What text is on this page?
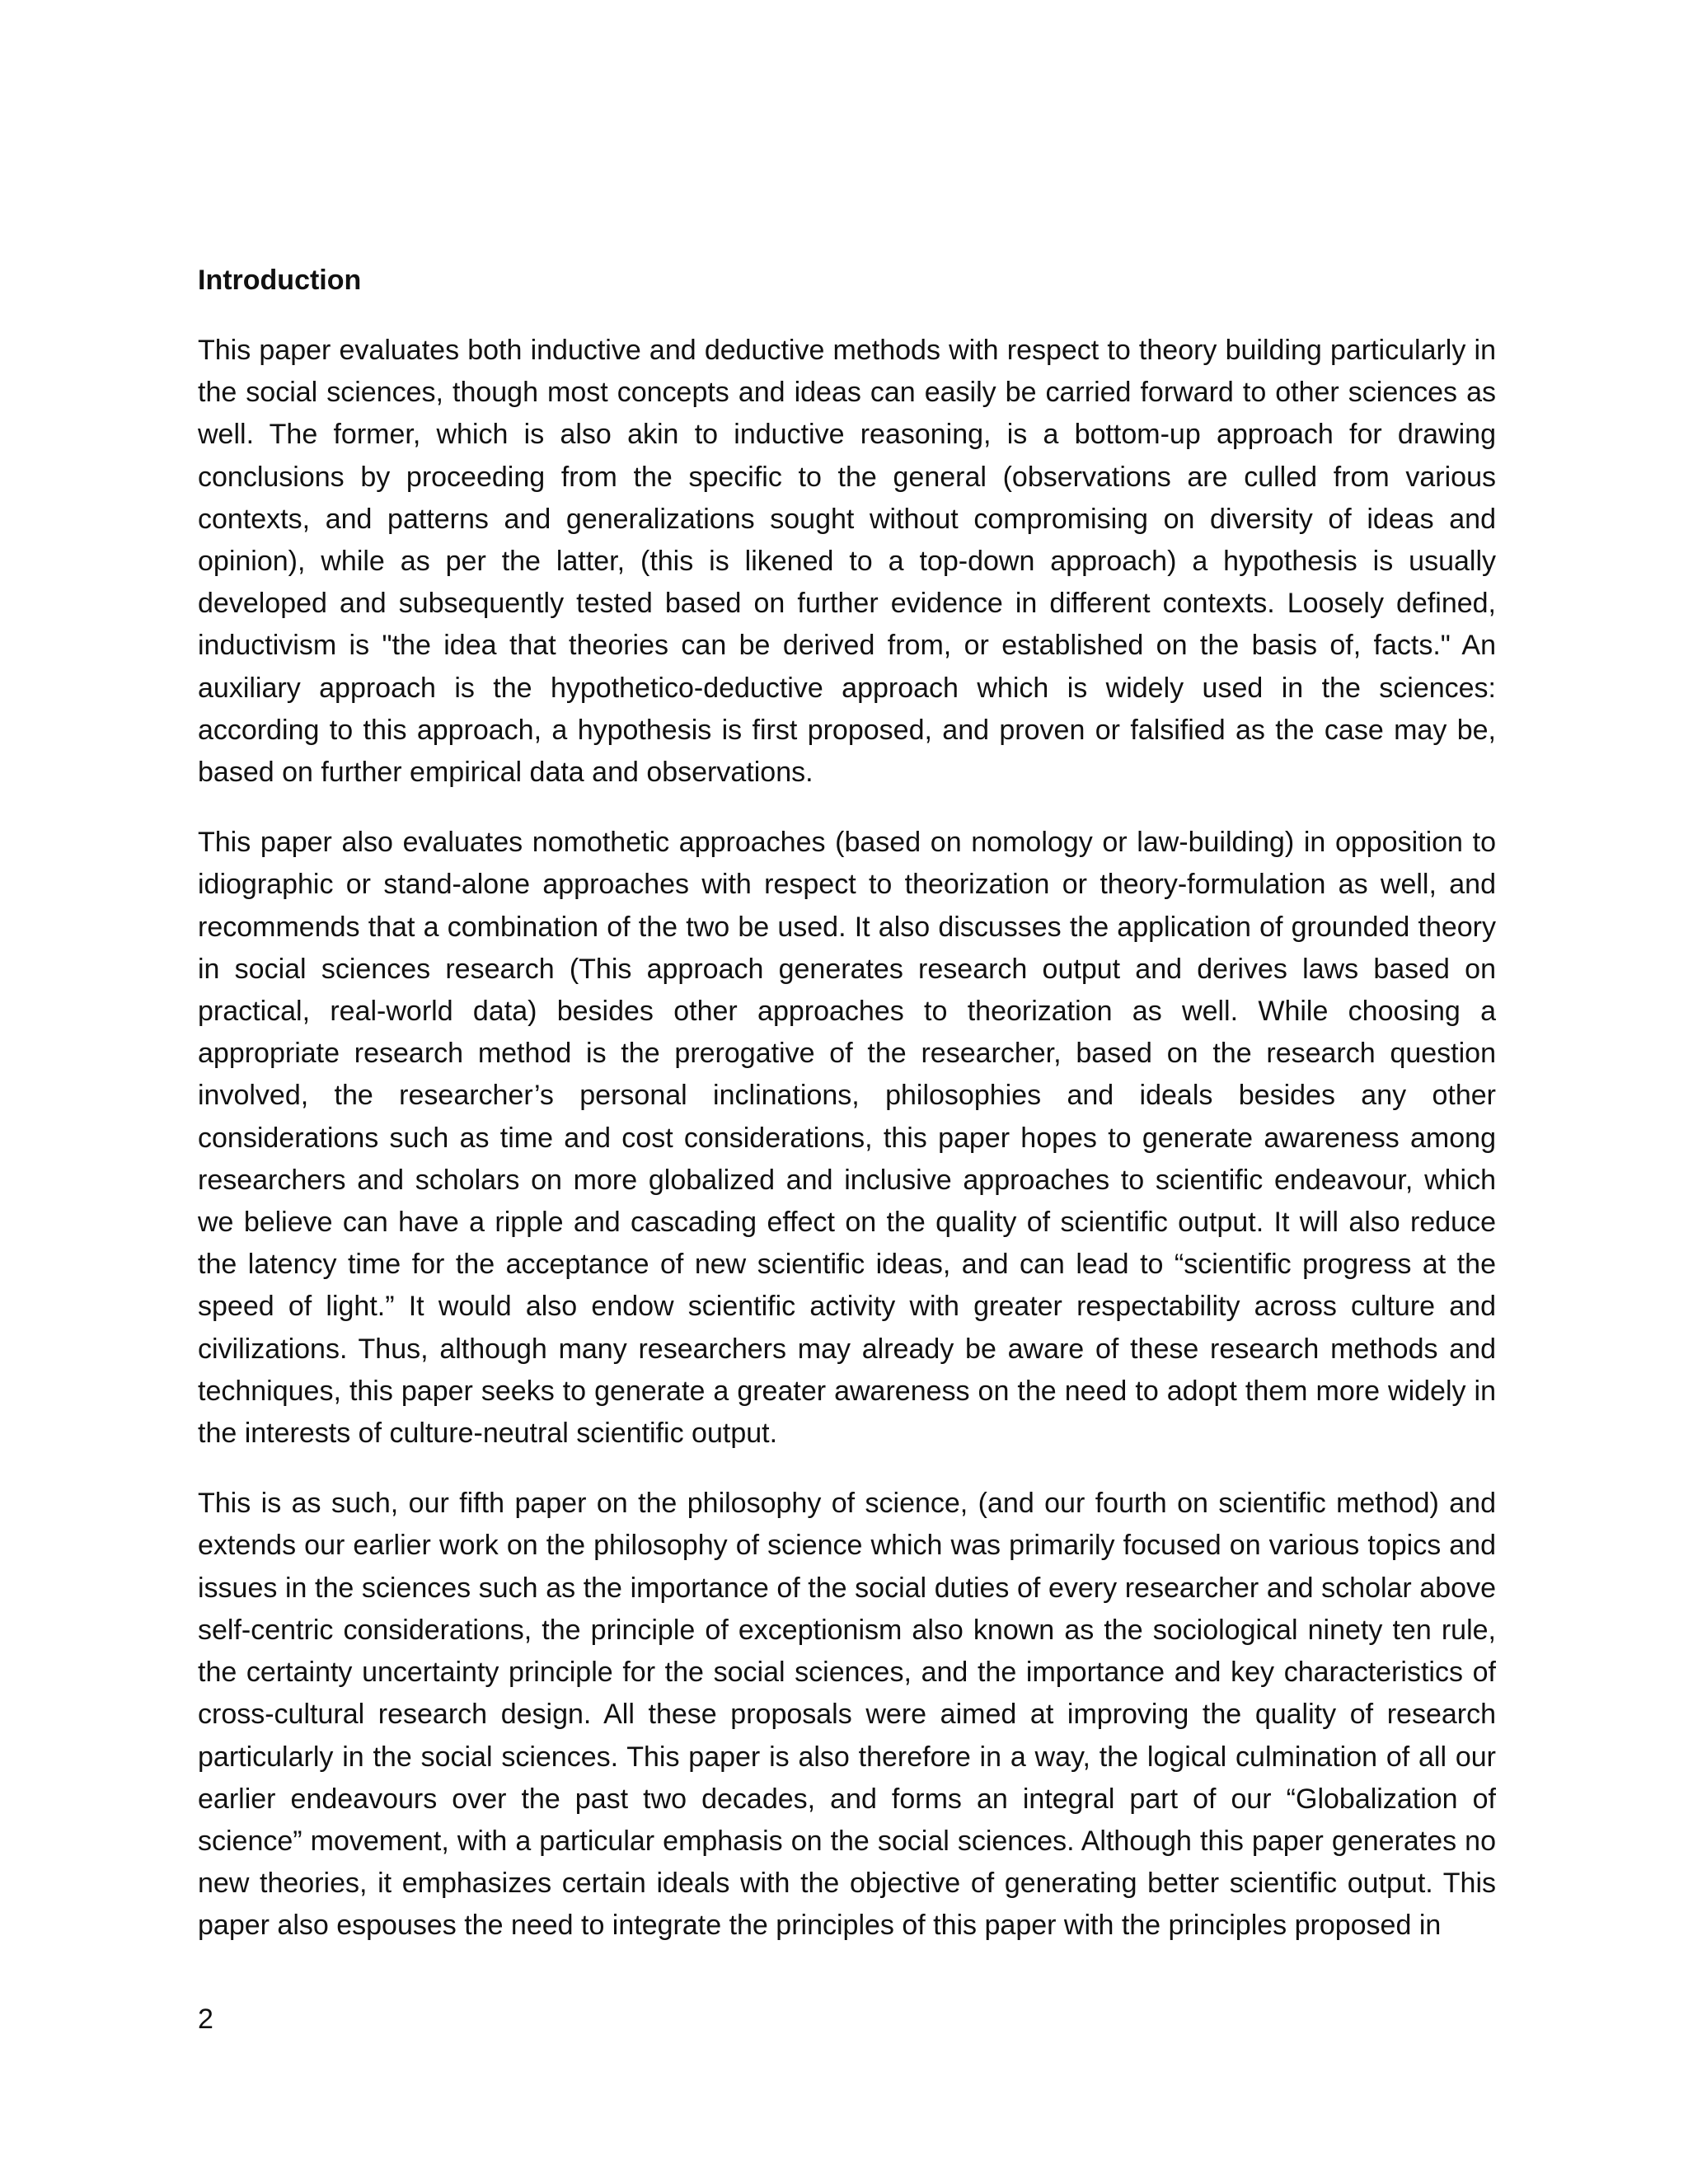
Introduction

This paper evaluates both inductive and deductive methods with respect to theory building particularly in the social sciences, though most concepts and ideas can easily be carried forward to other sciences as well. The former, which is also akin to inductive reasoning, is a bottom-up approach for drawing conclusions by proceeding from the specific to the general (observations are culled from various contexts, and patterns and generalizations sought without compromising on diversity of ideas and opinion), while as per the latter, (this is likened to a top-down approach) a hypothesis is usually developed and subsequently tested based on further evidence in different contexts. Loosely defined, inductivism is "the idea that theories can be derived from, or established on the basis of, facts." An auxiliary approach is the hypothetico-deductive approach which is widely used in the sciences: according to this approach, a hypothesis is first proposed, and proven or falsified as the case may be, based on further empirical data and observations.

This paper also evaluates nomothetic approaches (based on nomology or law-building) in opposition to idiographic or stand-alone approaches with respect to theorization or theory-formulation as well, and recommends that a combination of the two be used. It also discusses the application of grounded theory in social sciences research (This approach generates research output and derives laws based on practical, real-world data) besides other approaches to theorization as well. While choosing a appropriate research method is the prerogative of the researcher, based on the research question involved, the researcher’s personal inclinations, philosophies and ideals besides any other considerations such as time and cost considerations, this paper hopes to generate awareness among researchers and scholars on more globalized and inclusive approaches to scientific endeavour, which we believe can have a ripple and cascading effect on the quality of scientific output. It will also reduce the latency time for the acceptance of new scientific ideas, and can lead to “scientific progress at the speed of light.” It would also endow scientific activity with greater respectability across culture and civilizations. Thus, although many researchers may already be aware of these research methods and techniques, this paper seeks to generate a greater awareness on the need to adopt them more widely in the interests of culture-neutral scientific output.

This is as such, our fifth paper on the philosophy of science, (and our fourth on scientific method) and extends our earlier work on the philosophy of science which was primarily focused on various topics and issues in the sciences such as the importance of the social duties of every researcher and scholar above self-centric considerations, the principle of exceptionism also known as the sociological ninety ten rule, the certainty uncertainty principle for the social sciences, and the importance and key characteristics of cross-cultural research design. All these proposals were aimed at improving the quality of research particularly in the social sciences. This paper is also therefore in a way, the logical culmination of all our earlier endeavours over the past two decades, and forms an integral part of our “Globalization of science” movement, with a particular emphasis on the social sciences. Although this paper generates no new theories, it emphasizes certain ideals with the objective of generating better scientific output. This paper also espouses the need to integrate the principles of this paper with the principles proposed in

2
